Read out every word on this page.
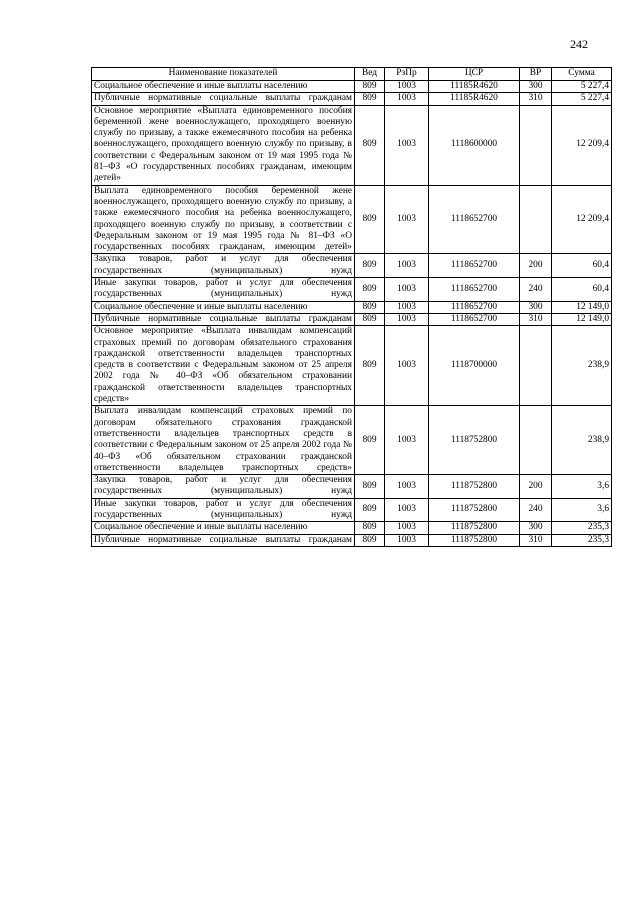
242
Наименование показателей	Вед	РзПр	ЦСР	ВР	Сумма
Социальное обеспечение и иные выплаты населению	809	1003	11185R4620	300	5 227,4
Публичные нормативные социальные выплаты гражданам	809	1003	11185R4620	310	5 227,4
Основное мероприятие «Выплата единовременного пособия беременной жене военнослужащего, проходящего военную службу по призыву, а также ежемесячного пособия на ребенка военнослужащего, проходящего военную службу по призыву, в соответствии с Федеральным законом от 19 мая 1995 года № 81–ФЗ «О государственных пособиях гражданам, имеющим детей»	809	1003	1118600000		12 209,4
Выплата единовременного пособия беременной жене военнослужащего, проходящего военную службу по призыву, а также ежемесячного пособия на ребенка военнослужащего, проходящего военную службу по призыву, в соответствии с Федеральным законом от 19 мая 1995 года № 81–ФЗ «О государственных пособиях гражданам, имеющим детей»	809	1003	1118652700		12 209,4
Закупка товаров, работ и услуг для обеспечения государственных (муниципальных) нужд	809	1003	1118652700	200	60,4
Иные закупки товаров, работ и услуг для обеспечения государственных (муниципальных) нужд	809	1003	1118652700	240	60,4
Социальное обеспечение и иные выплаты населению	809	1003	1118652700	300	12 149,0
Публичные нормативные социальные выплаты гражданам	809	1003	1118652700	310	12 149,0
Основное мероприятие «Выплата инвалидам компенсаций страховых премий по договорам обязательного страхования гражданской ответственности владельцев транспортных средств в соответствии с Федеральным законом от 25 апреля 2002 года № 40–ФЗ «Об обязательном страховании гражданской ответственности владельцев транспортных средств»	809	1003	1118700000		238,9
Выплата инвалидам компенсаций страховых премий по договорам обязательного страхования гражданской ответственности владельцев транспортных средств в соответствии с Федеральным законом от 25 апреля 2002 года № 40–ФЗ «Об обязательном страховании гражданской ответственности владельцев транспортных средств»	809	1003	1118752800		238,9
Закупка товаров, работ и услуг для обеспечения государственных (муниципальных) нужд	809	1003	1118752800	200	3,6
Иные закупки товаров, работ и услуг для обеспечения государственных (муниципальных) нужд	809	1003	1118752800	240	3,6
Социальное обеспечение и иные выплаты населению	809	1003	1118752800	300	235,3
Публичные нормативные социальные выплаты гражданам	809	1003	1118752800	310	235,3
